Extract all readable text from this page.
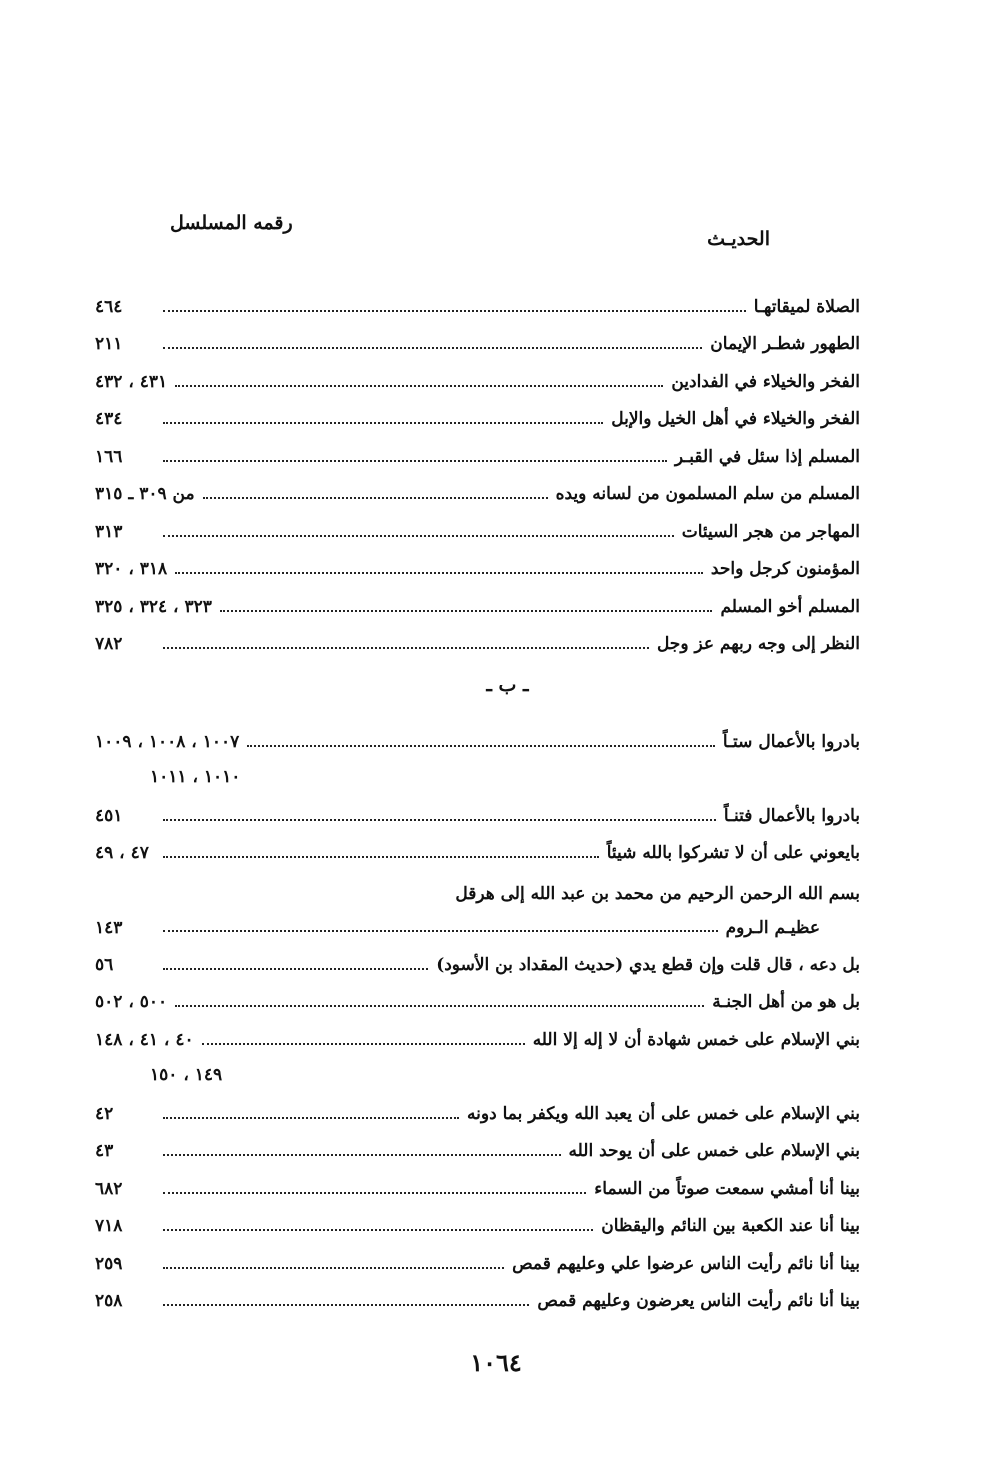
الحديـث
رقمه المسلسل
الصلاة لميقاتهـا
٤٦٤
الطهور شطـر الإيمان
٢١١
الفخر والخيلاء في الفدادين
٤٣١ ، ٤٣٢
الفخر والخيلاء في أهل الخيل والإبل
٤٣٤
المسلم إذا سئل في القبـر
١٦٦
المسلم من سلم المسلمون من لسانه ويده
من ٣٠٩ ـ ٣١٥
المهاجر من هجر السيئات
٣١٣
المؤمنون كرجل واحد
٣١٨ ، ٣٢٠
المسلم أخو المسلم
٣٢٣ ، ٣٢٤ ، ٣٢٥
النظر إلى وجه ربهم عز وجل
٧٨٢
ـ ب ـ
بادروا بالأعمال ستـاً
١٠٠٧ ، ١٠٠٨ ، ١٠٠٩
١٠١٠ ، ١٠١١
بادروا بالأعمال فتنـاً
٤٥١
بايعوني على أن لا تشركوا بالله شيئاً
٤٧ ، ٤٩
بسم الله الرحمن الرحيم من محمد بن عبد الله إلى هرقل
عظيـم الـروم
١٤٣
بل دعه ، قال قلت وإن قطع يدي (حديث المقداد بن الأسود)
٥٦
بل هو من أهل الجنـة
٥٠٠ ، ٥٠٢
بني الإسلام على خمس شهادة أن لا إله إلا الله
٤٠ ، ٤١ ، ١٤٨
١٤٩ ، ١٥٠
بني الإسلام على خمس على أن يعبد الله ويكفر بما دونه
٤٢
بني الإسلام على خمس على أن يوحد الله
٤٣
بينا أنا أمشي سمعت صوتاً من السماء
٦٨٢
بينا أنا عند الكعبة بين النائم واليقظان
٧١٨
بينا أنا نائم رأيت الناس عرضوا علي وعليهم قمص
٢٥٩
بينا أنا نائم رأيت الناس يعرضون وعليهم قمص
٢٥٨
١٠٦٤
